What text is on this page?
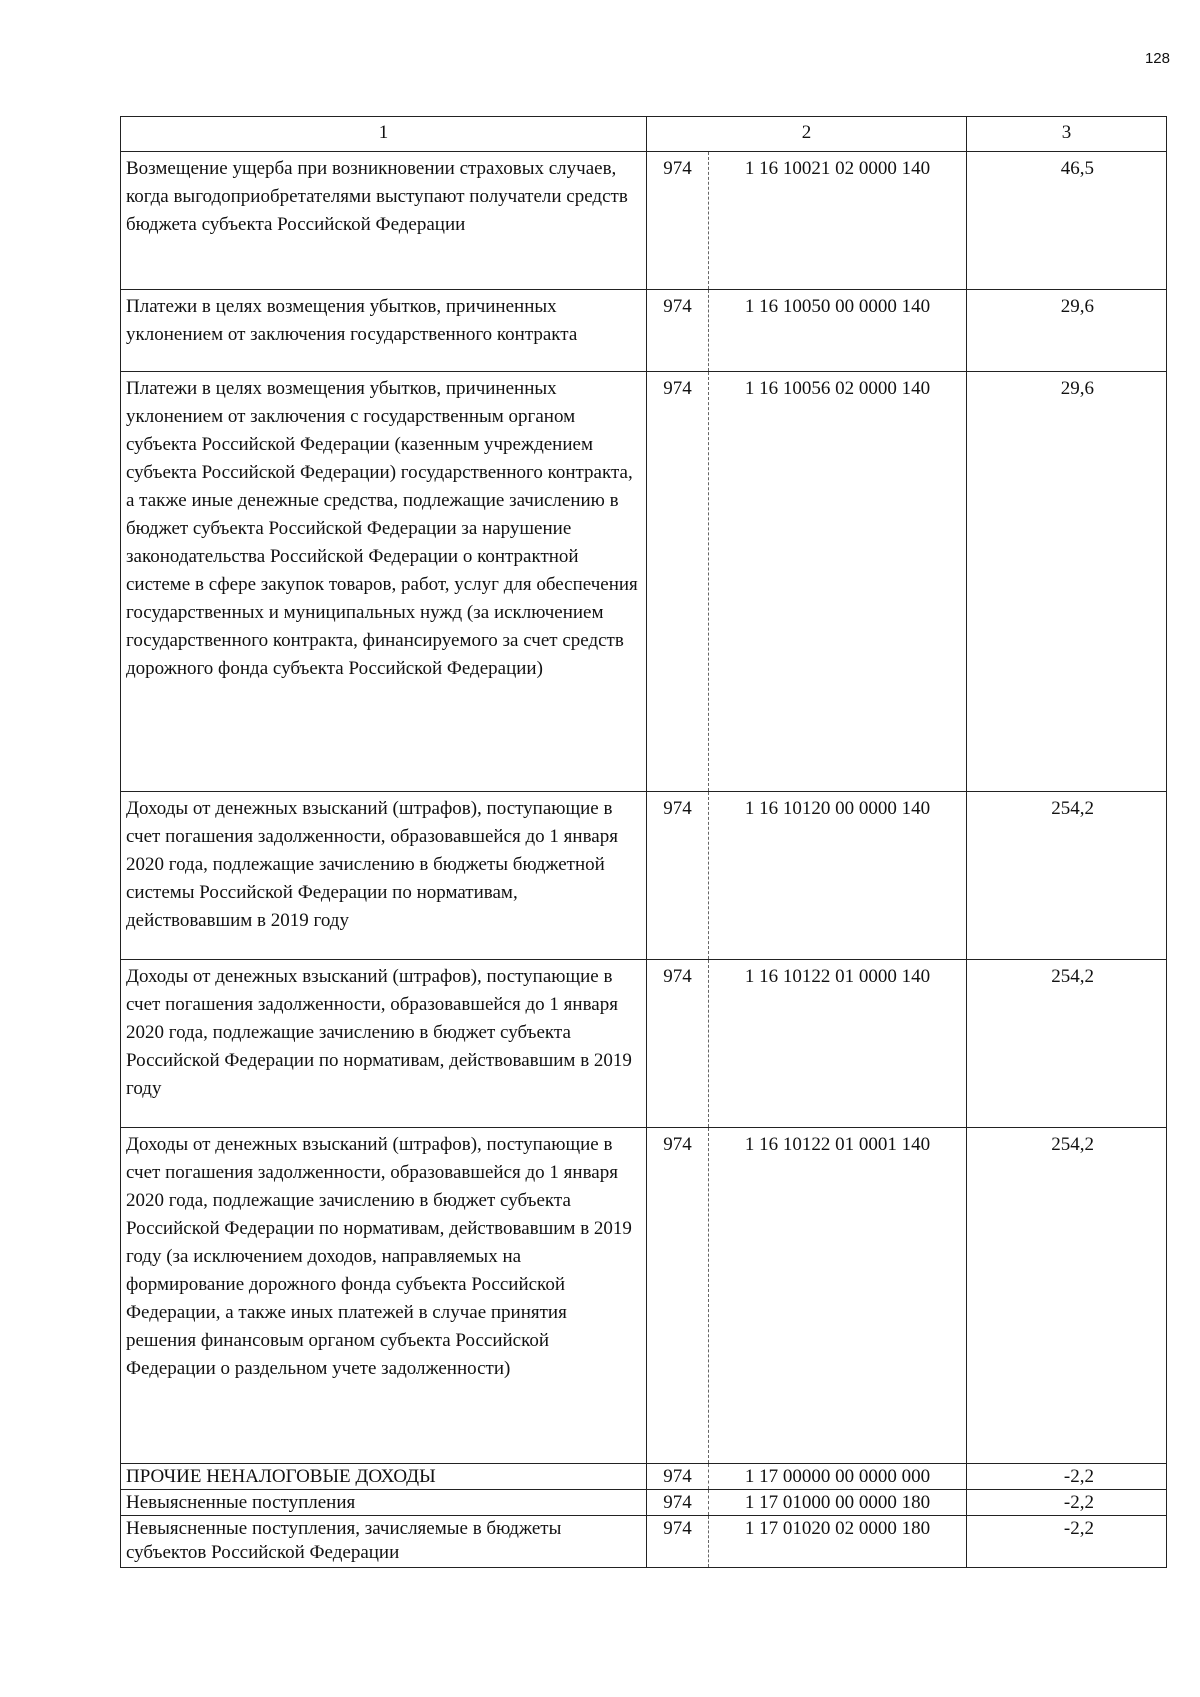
128
1	2		3
Возмещение ущерба при возникновении страховых случаев, когда выгодоприобретателями выступают получатели средств бюджета субъекта Российской Федерации	974	1 16 10021 02 0000 140	46,5
Платежи в целях возмещения убытков, причиненных уклонением от заключения государственного контракта	974	1 16 10050 00 0000 140	29,6
Платежи в целях возмещения убытков, причиненных уклонением от заключения с государственным органом субъекта Российской Федерации (казенным учреждением субъекта Российской Федерации) государственного контракта, а также иные денежные средства, подлежащие зачислению в бюджет субъекта Российской Федерации за нарушение законодательства Российской Федерации о контрактной системе в сфере закупок товаров, работ, услуг для обеспечения государственных и муниципальных нужд (за исключением государственного контракта, финансируемого за счет средств дорожного фонда субъекта Российской Федерации)	974	1 16 10056 02 0000 140	29,6
Доходы от денежных взысканий (штрафов), поступающие в счет погашения задолженности, образовавшейся до 1 января 2020 года, подлежащие зачислению в бюджеты бюджетной системы Российской Федерации по нормативам, действовавшим в 2019 году	974	1 16 10120 00 0000 140	254,2
Доходы от денежных взысканий (штрафов), поступающие в счет погашения задолженности, образовавшейся до 1 января 2020 года, подлежащие зачислению в бюджет субъекта Российской Федерации по нормативам, действовавшим в 2019 году	974	1 16 10122 01 0000 140	254,2
Доходы от денежных взысканий (штрафов), поступающие в счет погашения задолженности, образовавшейся до 1 января 2020 года, подлежащие зачислению в бюджет субъекта Российской Федерации по нормативам, действовавшим в 2019 году (за исключением доходов, направляемых на формирование дорожного фонда субъекта Российской Федерации, а также иных платежей в случае принятия решения финансовым органом субъекта Российской Федерации о раздельном учете задолженности)	974	1 16 10122 01 0001 140	254,2
ПРОЧИЕ НЕНАЛОГОВЫЕ ДОХОДЫ	974	1 17 00000 00 0000 000	-2,2
Невыясненные поступления	974	1 17 01000 00 0000 180	-2,2
Невыясненные поступления, зачисляемые в бюджеты субъектов Российской Федерации	974	1 17 01020 02 0000 180	-2,2
